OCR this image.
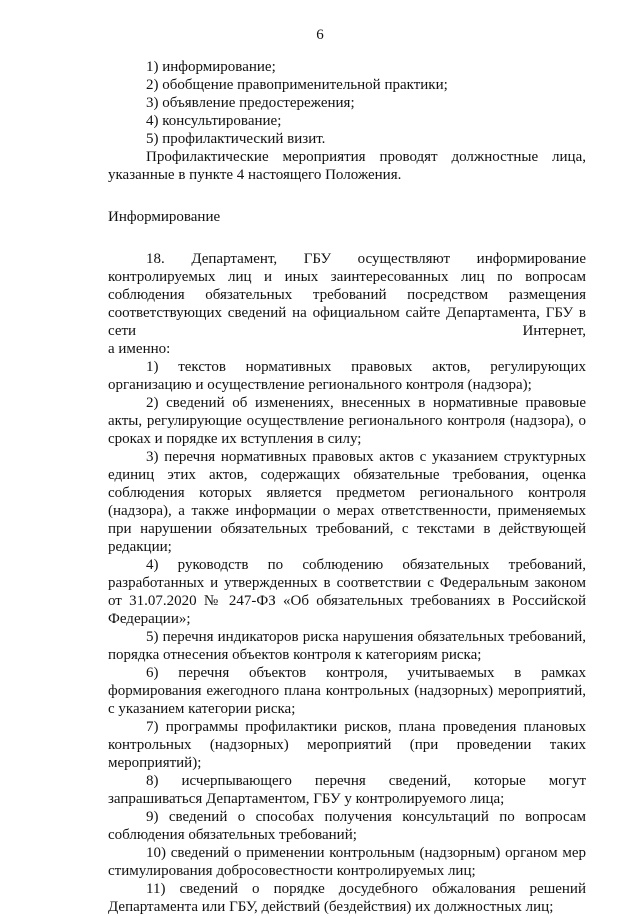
6

1) информирование;

2) обобщение правоприменительной практики;

3) объявление предостережения;

4) консультирование;

5) профилактический визит.

Профилактические мероприятия проводят должностные лица, указанные в пункте 4 настоящего Положения.

Информирование

18. Департамент, ГБУ осуществляют информирование контролируемых лиц и иных заинтересованных лиц по вопросам соблюдения обязательных требований посредством размещения соответствующих сведений на официальном сайте Департамента, ГБУ в сети Интернет,

а именно:

1) текстов нормативных правовых актов, регулирующих организацию и осуществление регионального контроля (надзора);

2) сведений об изменениях, внесенных в нормативные правовые акты, регулирующие осуществление регионального контроля (надзора), о сроках и порядке их вступления в силу;

3) перечня нормативных правовых актов с указанием структурных единиц этих актов, содержащих обязательные требования, оценка соблюдения которых является предметом регионального контроля (надзора), а также информации о мерах ответственности, применяемых при нарушении обязательных требований, с текстами в действующей редакции;

4) руководств по соблюдению обязательных требований, разработанных и утвержденных в соответствии с Федеральным законом от 31.07.2020 № 247-ФЗ «Об обязательных требованиях в Российской Федерации»;

5) перечня индикаторов риска нарушения обязательных требований, порядка отнесения объектов контроля к категориям риска;

6) перечня объектов контроля, учитываемых в рамках формирования ежегодного плана контрольных (надзорных) мероприятий, с указанием категории риска;

7) программы профилактики рисков, плана проведения плановых контрольных (надзорных) мероприятий (при проведении таких мероприятий);

8) исчерпывающего перечня сведений, которые могут запрашиваться Департаментом, ГБУ у контролируемого лица;

9) сведений о способах получения консультаций по вопросам соблюдения обязательных требований;

10) сведений о применении контрольным (надзорным) органом мер стимулирования добросовестности контролируемых лиц;

11) сведений о порядке досудебного обжалования решений Департамента или ГБУ, действий (бездействия) их должностных лиц;
